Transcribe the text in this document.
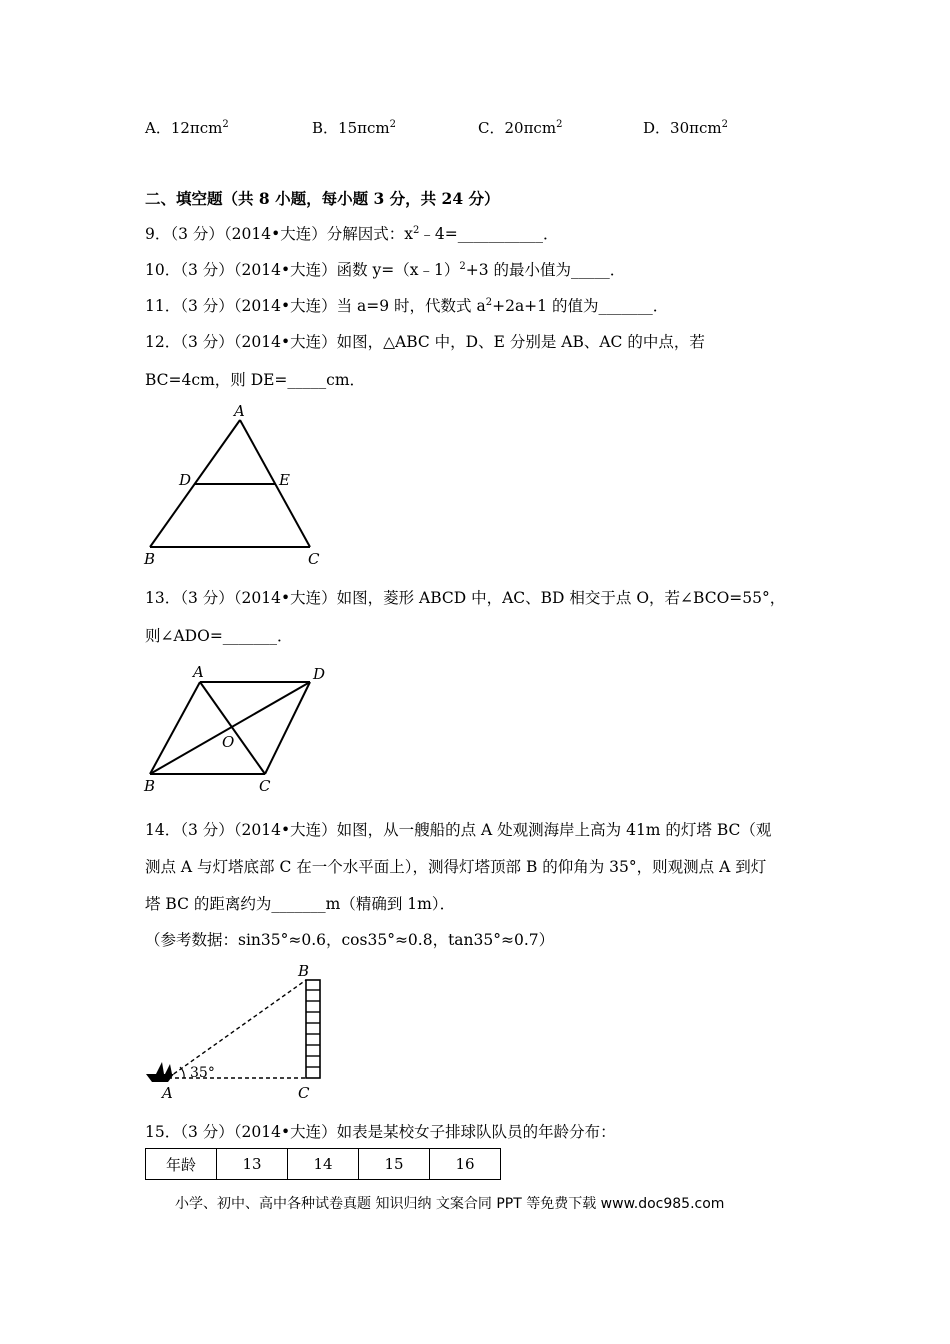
A．12πcm$^2$	B．15πcm$^2$	C．20πcm$^2$	D．30πcm$^2$
二、填空题（共 8 小题，每小题 3 分，共 24 分）
9．（3 分）（2014•大连）分解因式：$x^2﹣4=\_\_\_\_\_\_\_\_\_\_\_$．
10．（3 分）（2014•大连）函数 y=（x﹣1）$^2$+3 的最小值为_____．
11．（3 分）（2014•大连）当 a=9 时，代数式 $a^2+2a+1$ 的值为_______．
12．（3 分）（2014•大连）如图，△ABC 中，D、E 分别是 AB、AC 的中点，若
BC=4cm，则 DE=_____cm．
A
D	E
B	C
13．（3 分）（2014•大连）如图，菱形 ABCD 中，AC、BD 相交于点 O，若∠BCO=55°，
则∠ADO=_______．
A	D
O
B	C
14．（3 分）（2014•大连）如图，从一艘船的点 A 处观测海岸上高为 41m 的灯塔 BC（观
测点 A 与灯塔底部 C 在一个水平面上），测得灯塔顶部 B 的仰角为 35°，则观测点 A 到灯
塔 BC 的距离约为_______m（精确到 1m）．
（参考数据：sin35°≈0.6，cos35°≈0.8，tan35°≈0.7）
B
A	C
35°
15．（3 分）（2014•大连）如表是某校女子排球队队员的年龄分布：
年龄	13	14	15	16
小学、初中、高中各种试卷真题 知识归纳 文案合同 PPT 等免费下载 www.doc985.com
